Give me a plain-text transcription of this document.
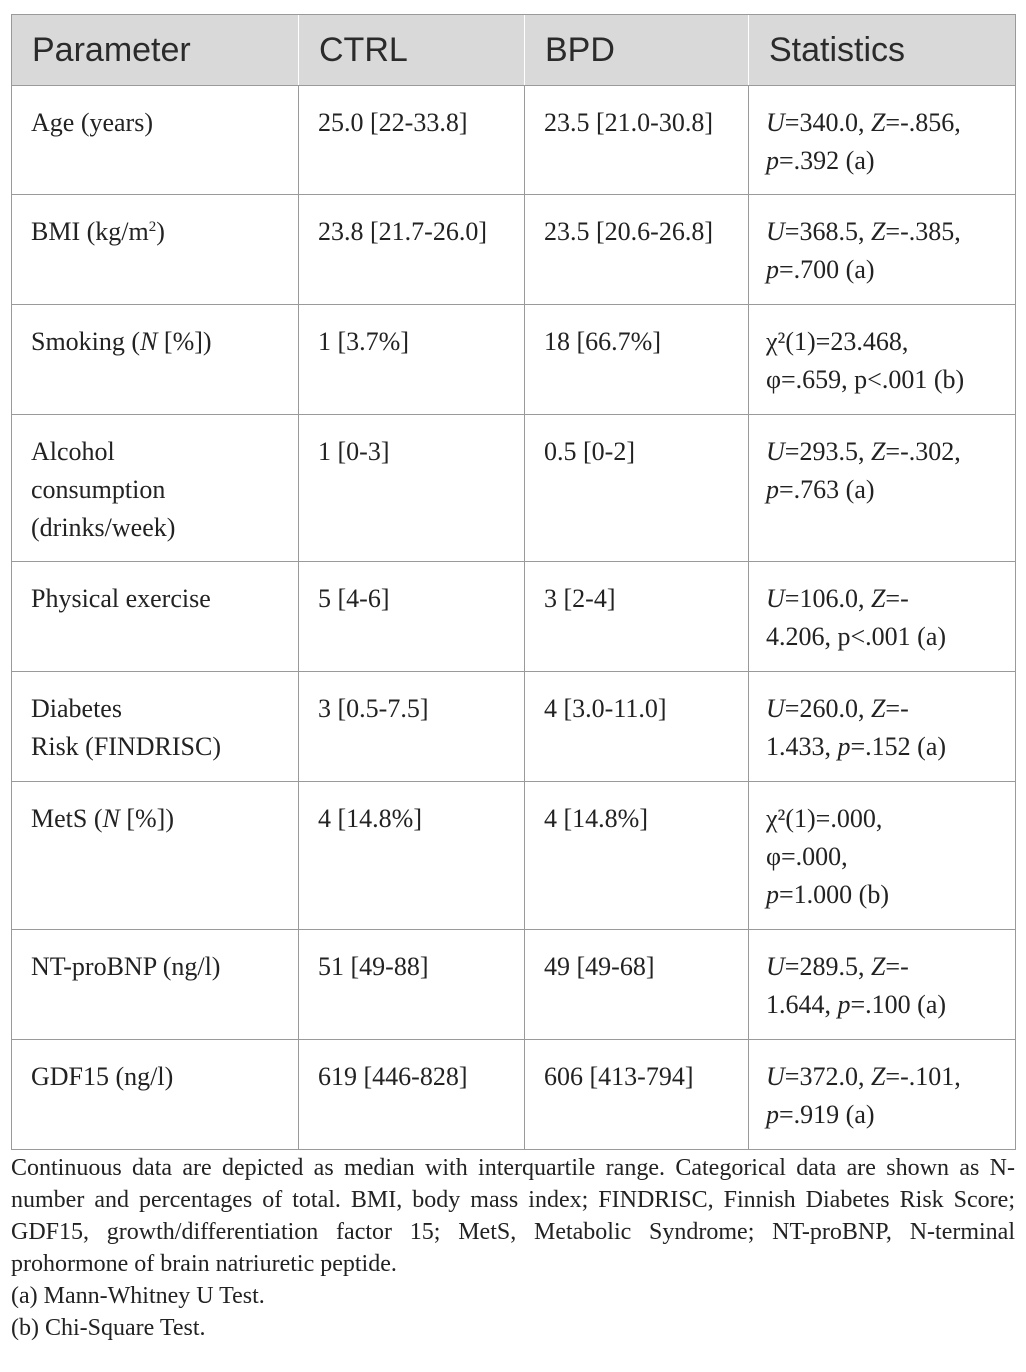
Parameter	CTRL	BPD	Statistics

Age (years)	25.0 [22-33.8]	23.5 [21.0-30.8]	U=340.0, Z=-.856,
p=.392 (a)

BMI $(kg/m^2)$	23.8 [21.7-26.0]	23.5 [20.6-26.8]	U=368.5, Z=-.385,
p=.700 (a)

Smoking (N [%])	1 [3.7%]	18 [66.7%]	χ²(1)=23.468,
φ=.659, p<.001 (b)

Alcohol
consumption
(drinks/week)	1 [0-3]	0.5 [0-2]	U=293.5, Z=-.302,
p=.763 (a)

Physical exercise	5 [4-6]	3 [2-4]	U=106.0, Z=-
4.206, p<.001 (a)

Diabetes
Risk (FINDRISC)	3 [0.5-7.5]	4 [3.0-11.0]	U=260.0, Z=-
1.433, p=.152 (a)

MetS (N [%])	4 [14.8%]	4 [14.8%]	χ²(1)=.000,
φ=.000,
p=1.000 (b)

NT-proBNP (ng/l)	51 [49-88]	49 [49-68]	U=289.5, Z=-
1.644, p=.100 (a)

GDF15 (ng/l)	619 [446-828]	606 [413-794]	U=372.0, Z=-.101,
p=.919 (a)

Continuous data are depicted as median with interquartile range. Categorical data are shown as N-number and percentages of total. BMI, body mass index; FINDRISC, Finnish Diabetes Risk Score; GDF15, growth/differentiation factor 15; MetS, Metabolic Syndrome; NT-proBNP, N-terminal prohormone of brain natriuretic peptide.

(a) Mann-Whitney U Test.

(b) Chi-Square Test.
